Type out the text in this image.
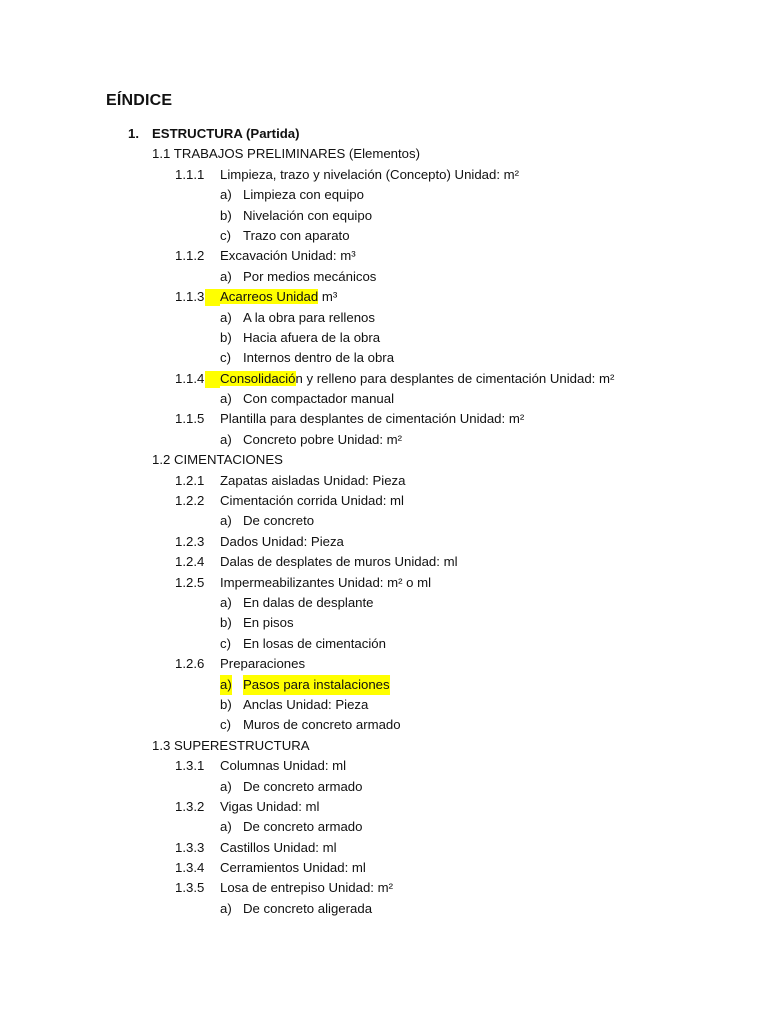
EÍNDICE
1. ESTRUCTURA (Partida)
1.1 TRABAJOS PRELIMINARES (Elementos)
1.1.1 Limpieza, trazo y nivelación (Concepto) Unidad: m²
a) Limpieza con equipo
b) Nivelación con equipo
c) Trazo con aparato
1.1.2 Excavación Unidad: m³
a) Por medios mecánicos
1.1.3 Acarreos Unidad m³
a) A la obra para rellenos
b) Hacia afuera de la obra
c) Internos dentro de la obra
1.1.4 Consolidación y relleno para desplantes de cimentación Unidad: m²
a) Con compactador manual
1.1.5 Plantilla para desplantes de cimentación Unidad: m²
a) Concreto pobre Unidad: m²
1.2 CIMENTACIONES
1.2.1 Zapatas aisladas Unidad: Pieza
1.2.2 Cimentación corrida Unidad: ml
a) De concreto
1.2.3 Dados Unidad: Pieza
1.2.4 Dalas de desplates de muros Unidad: ml
1.2.5 Impermeabilizantes Unidad: m² o ml
a) En dalas de desplante
b) En pisos
c) En losas de cimentación
1.2.6 Preparaciones
a) Pasos para instalaciones
b) Anclas Unidad: Pieza
c) Muros de concreto armado
1.3 SUPERESTRUCTURA
1.3.1 Columnas Unidad: ml
a) De concreto armado
1.3.2 Vigas Unidad: ml
a) De concreto armado
1.3.3 Castillos Unidad: ml
1.3.4 Cerramientos Unidad: ml
1.3.5 Losa de entrepiso Unidad: m²
a) De concreto aligerada
